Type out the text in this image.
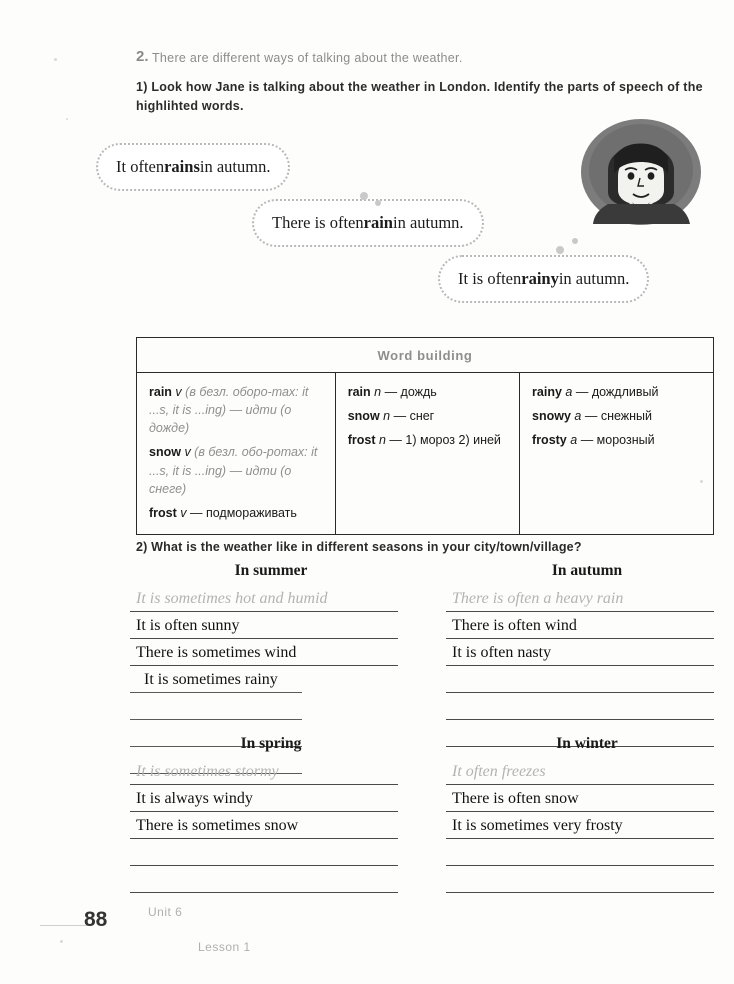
2. There are different ways of talking about the weather.
1) Look how Jane is talking about the weather in London. Identify the parts of speech of the highlihted words.
It often rains in autumn.
There is often rain in autumn.
It is often rainy in autumn.
Word building
rain v (в безл. оборо-тах: it ...s, it is ...ing) — идти (о дожде)
snow v (в безл. обо-ротах: it ...s, it is ...ing) — идти (о снеге)
frost v — подмораживать
rain n — дождь
snow n — снег
frost n — 1) мороз 2) иней
rainy a — дождливый
snowy a — снежный
frosty a — морозный
2) What is the weather like in different seasons in your city/town/village?
In summer
It is sometimes hot and humid
It is often sunny
There is sometimes wind
It is sometimes rainy
In autumn
There is often a heavy rain
There is often wind
It is often nasty
In spring
It is sometimes stormy
It is always windy
There is sometimes snow
In winter
It often freezes
There is often snow
It is sometimes very frosty
88	Unit 6
Lesson 1
